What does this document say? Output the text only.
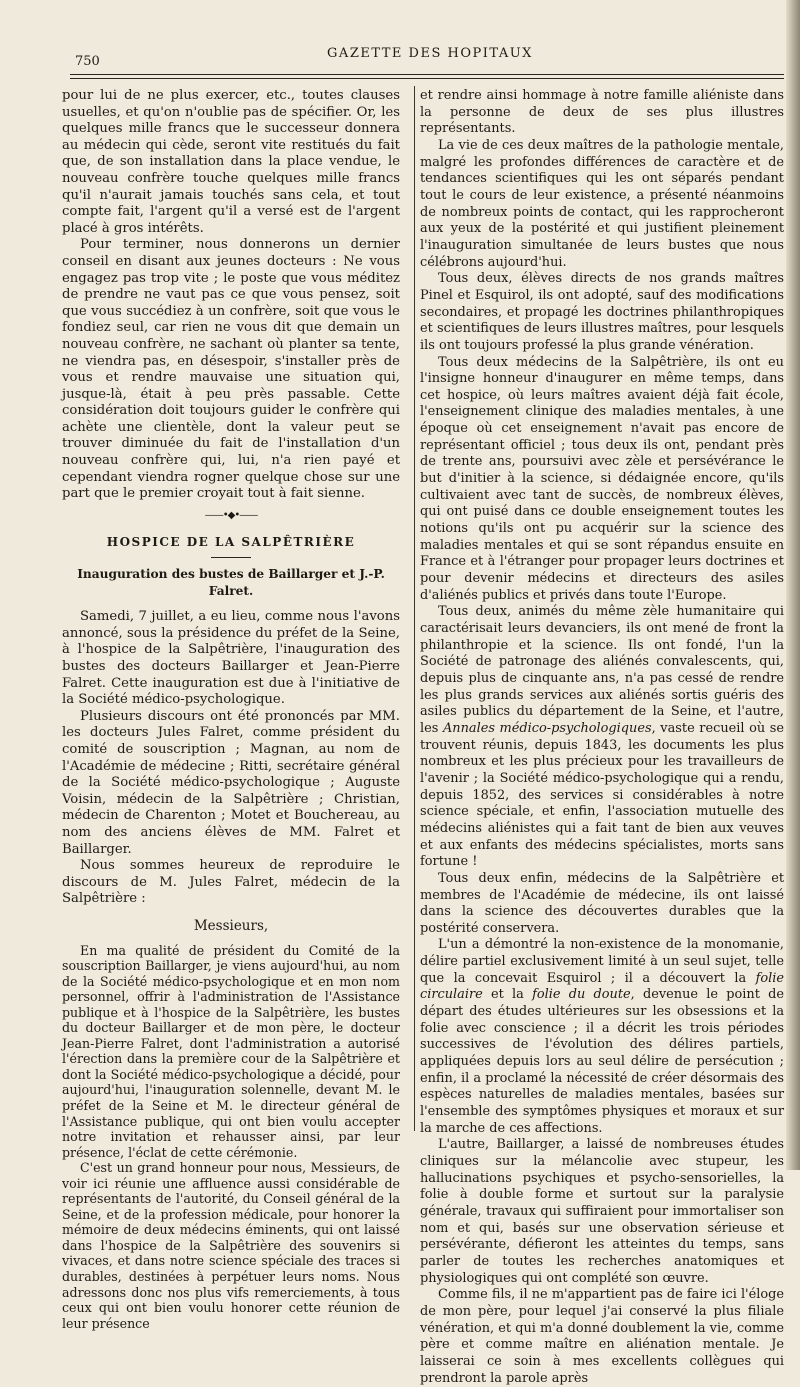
750
GAZETTE DES HOPITAUX

pour lui de ne plus exercer, etc., toutes clauses usuelles, et qu'on n'oublie pas de spécifier. Or, les quelques mille francs que le successeur donnera au médecin qui cède, seront vite restitués du fait que, de son installation dans la place vendue, le nouveau confrère touche quelques mille francs qu'il n'aurait jamais touchés sans cela, et tout compte fait, l'argent qu'il a versé est de l'argent placé à gros intérêts.

Pour terminer, nous donnerons un dernier conseil en disant aux jeunes docteurs : Ne vous engagez pas trop vite ; le poste que vous méditez de prendre ne vaut pas ce que vous pensez, soit que vous succédiez à un confrère, soit que vous le fondiez seul, car rien ne vous dit que demain un nouveau confrère, ne sachant où planter sa tente, ne viendra pas, en désespoir, s'installer près de vous et rendre mauvaise une situation qui, jusque-là, était à peu près passable. Cette considération doit toujours guider le confrère qui achète une clientèle, dont la valeur peut se trouver diminuée du fait de l'installation d'un nouveau confrère qui, lui, n'a rien payé et cependant viendra rogner quelque chose sur une part que le premier croyait tout à fait sienne.

——•◆•——
HOSPICE DE LA SALPÊTRIÈRE
Inauguration des bustes de Baillarger et J.-P. Falret.

Samedi, 7 juillet, a eu lieu, comme nous l'avons annoncé, sous la présidence du préfet de la Seine, à l'hospice de la Salpêtrière, l'inauguration des bustes des docteurs Baillarger et Jean-Pierre Falret. Cette inauguration est due à l'initiative de la Société médico-psychologique.

Plusieurs discours ont été prononcés par MM. les docteurs Jules Falret, comme président du comité de souscription ; Magnan, au nom de l'Académie de médecine ; Ritti, secrétaire général de la Société médico-psychologique ; Auguste Voisin, médecin de la Salpêtrière ; Christian, médecin de Charenton ; Motet et Bouchereau, au nom des anciens élèves de MM. Falret et Baillarger.

Nous sommes heureux de reproduire le discours de M. Jules Falret, médecin de la Salpêtrière :

Messieurs,

En ma qualité de président du Comité de la souscription Baillarger, je viens aujourd'hui, au nom de la Société médico-psychologique et en mon nom personnel, offrir à l'administration de l'Assistance publique et à l'hospice de la Salpêtrière, les bustes du docteur Baillarger et de mon père, le docteur Jean-Pierre Falret, dont l'administration a autorisé l'érection dans la première cour de la Salpêtrière et dont la Société médico-psychologique a décidé, pour aujourd'hui, l'inauguration solennelle, devant M. le préfet de la Seine et M. le directeur général de l'Assistance publique, qui ont bien voulu accepter notre invitation et rehausser ainsi, par leur présence, l'éclat de cette cérémonie.

C'est un grand honneur pour nous, Messieurs, de voir ici réunie une affluence aussi considérable de représentants de l'autorité, du Conseil général de la Seine, et de la profession médicale, pour honorer la mémoire de deux médecins éminents, qui ont laissé dans l'hospice de la Salpêtrière des souvenirs si vivaces, et dans notre science spéciale des traces si durables, destinées à perpétuer leurs noms. Nous adressons donc nos plus vifs remerciements, à tous ceux qui ont bien voulu honorer cette réunion de leur présence

et rendre ainsi hommage à notre famille aliéniste dans la personne de deux de ses plus illustres représentants.

La vie de ces deux maîtres de la pathologie mentale, malgré les profondes différences de caractère et de tendances scientifiques qui les ont séparés pendant tout le cours de leur existence, a présenté néanmoins de nombreux points de contact, qui les rapprocheront aux yeux de la postérité et qui justifient pleinement l'inauguration simultanée de leurs bustes que nous célébrons aujourd'hui.

Tous deux, élèves directs de nos grands maîtres Pinel et Esquirol, ils ont adopté, sauf des modifications secondaires, et propagé les doctrines philanthropiques et scientifiques de leurs illustres maîtres, pour lesquels ils ont toujours professé la plus grande vénération.

Tous deux médecins de la Salpêtrière, ils ont eu l'insigne honneur d'inaugurer en même temps, dans cet hospice, où leurs maîtres avaient déjà fait école, l'enseignement clinique des maladies mentales, à une époque où cet enseignement n'avait pas encore de représentant officiel ; tous deux ils ont, pendant près de trente ans, poursuivi avec zèle et persévérance le but d'initier à la science, si dédaignée encore, qu'ils cultivaient avec tant de succès, de nombreux élèves, qui ont puisé dans ce double enseignement toutes les notions qu'ils ont pu acquérir sur la science des maladies mentales et qui se sont répandus ensuite en France et à l'étranger pour propager leurs doctrines et pour devenir médecins et directeurs des asiles d'aliénés publics et privés dans toute l'Europe.

Tous deux, animés du même zèle humanitaire qui caractérisait leurs devanciers, ils ont mené de front la philanthropie et la science. Ils ont fondé, l'un la Société de patronage des aliénés convalescents, qui, depuis plus de cinquante ans, n'a pas cessé de rendre les plus grands services aux aliénés sortis guéris des asiles publics du département de la Seine, et l'autre, les Annales médico-psychologiques, vaste recueil où se trouvent réunis, depuis 1843, les documents les plus nombreux et les plus précieux pour les travailleurs de l'avenir ; la Société médico-psychologique qui a rendu, depuis 1852, des services si considérables à notre science spéciale, et enfin, l'association mutuelle des médecins aliénistes qui a fait tant de bien aux veuves et aux enfants des médecins spécialistes, morts sans fortune !

Tous deux enfin, médecins de la Salpêtrière et membres de l'Académie de médecine, ils ont laissé dans la science des découvertes durables que la postérité conservera.

L'un a démontré la non-existence de la monomanie, délire partiel exclusivement limité à un seul sujet, telle que la concevait Esquirol ; il a découvert la folie circulaire et la folie du doute, devenue le point de départ des études ultérieures sur les obsessions et la folie avec conscience ; il a décrit les trois périodes successives de l'évolution des délires partiels, appliquées depuis lors au seul délire de persécution ; enfin, il a proclamé la nécessité de créer désormais des espèces naturelles de maladies mentales, basées sur l'ensemble des symptômes physiques et moraux et sur la marche de ces affections.

L'autre, Baillarger, a laissé de nombreuses études cliniques sur la mélancolie avec stupeur, les hallucinations psychiques et psycho-sensorielles, la folie à double forme et surtout sur la paralysie générale, travaux qui suffiraient pour immortaliser son nom et qui, basés sur une observation sérieuse et persévérante, défieront les atteintes du temps, sans parler de toutes les recherches anatomiques et physiologiques qui ont complété son œuvre.

Comme fils, il ne m'appartient pas de faire ici l'éloge de mon père, pour lequel j'ai conservé la plus filiale vénération, et qui m'a donné doublement la vie, comme père et comme maître en aliénation mentale. Je laisserai ce soin à mes excellents collègues qui prendront la parole après
